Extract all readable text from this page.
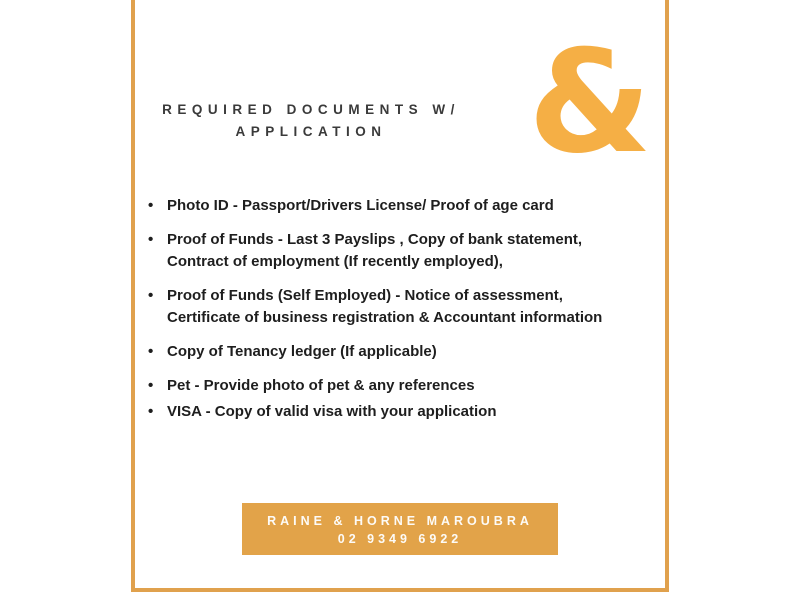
REQUIRED DOCUMENTS W/
APPLICATION &
• Photo ID - Passport/Drivers License/ Proof of age card
• Proof of Funds - Last 3 Payslips , Copy of bank statement, Contract of employment (If recently employed),
• Proof of Funds (Self Employed) - Notice of assessment, Certificate of business registration & Accountant information
• Copy of Tenancy ledger (If applicable)
• Pet - Provide photo of pet & any references
• VISA - Copy of valid visa with your application
RAINE & HORNE MAROUBRA
02 9349 6922
